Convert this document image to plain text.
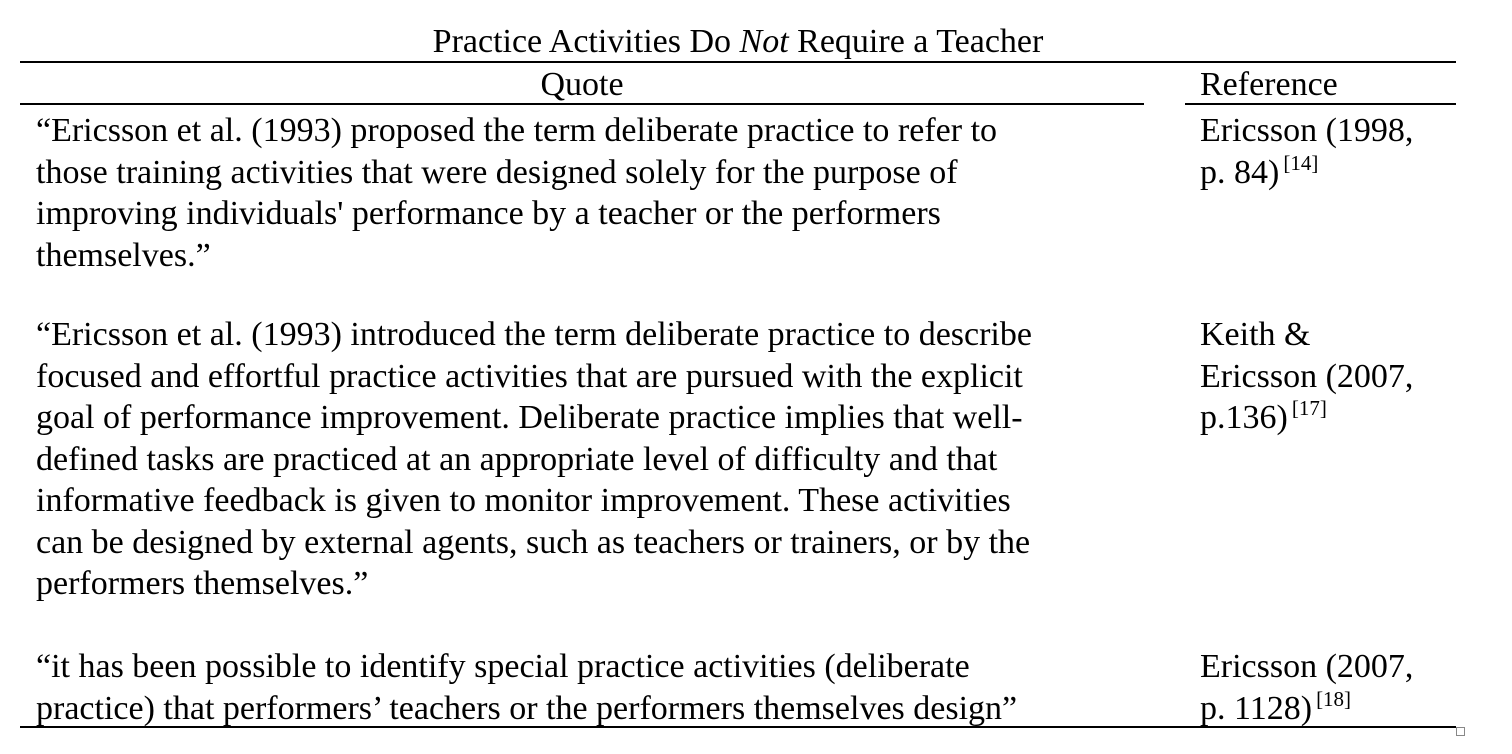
Practice Activities Do Not Require a Teacher
Quote	Reference
“Ericsson et al. (1993) proposed the term deliberate practice to refer to
those training activities that were designed solely for the purpose of
improving individuals' performance by a teacher or the performers
themselves.”
Ericsson (1998,
p. 84) [14]
“Ericsson et al. (1993) introduced the term deliberate practice to describe
focused and effortful practice activities that are pursued with the explicit
goal of performance improvement. Deliberate practice implies that well-
defined tasks are practiced at an appropriate level of difficulty and that
informative feedback is given to monitor improvement. These activities
can be designed by external agents, such as teachers or trainers, or by the
performers themselves.”
Keith &
Ericsson (2007,
p.136) [17]
“it has been possible to identify special practice activities (deliberate
practice) that performers’ teachers or the performers themselves design”
Ericsson (2007,
p. 1128) [18]
